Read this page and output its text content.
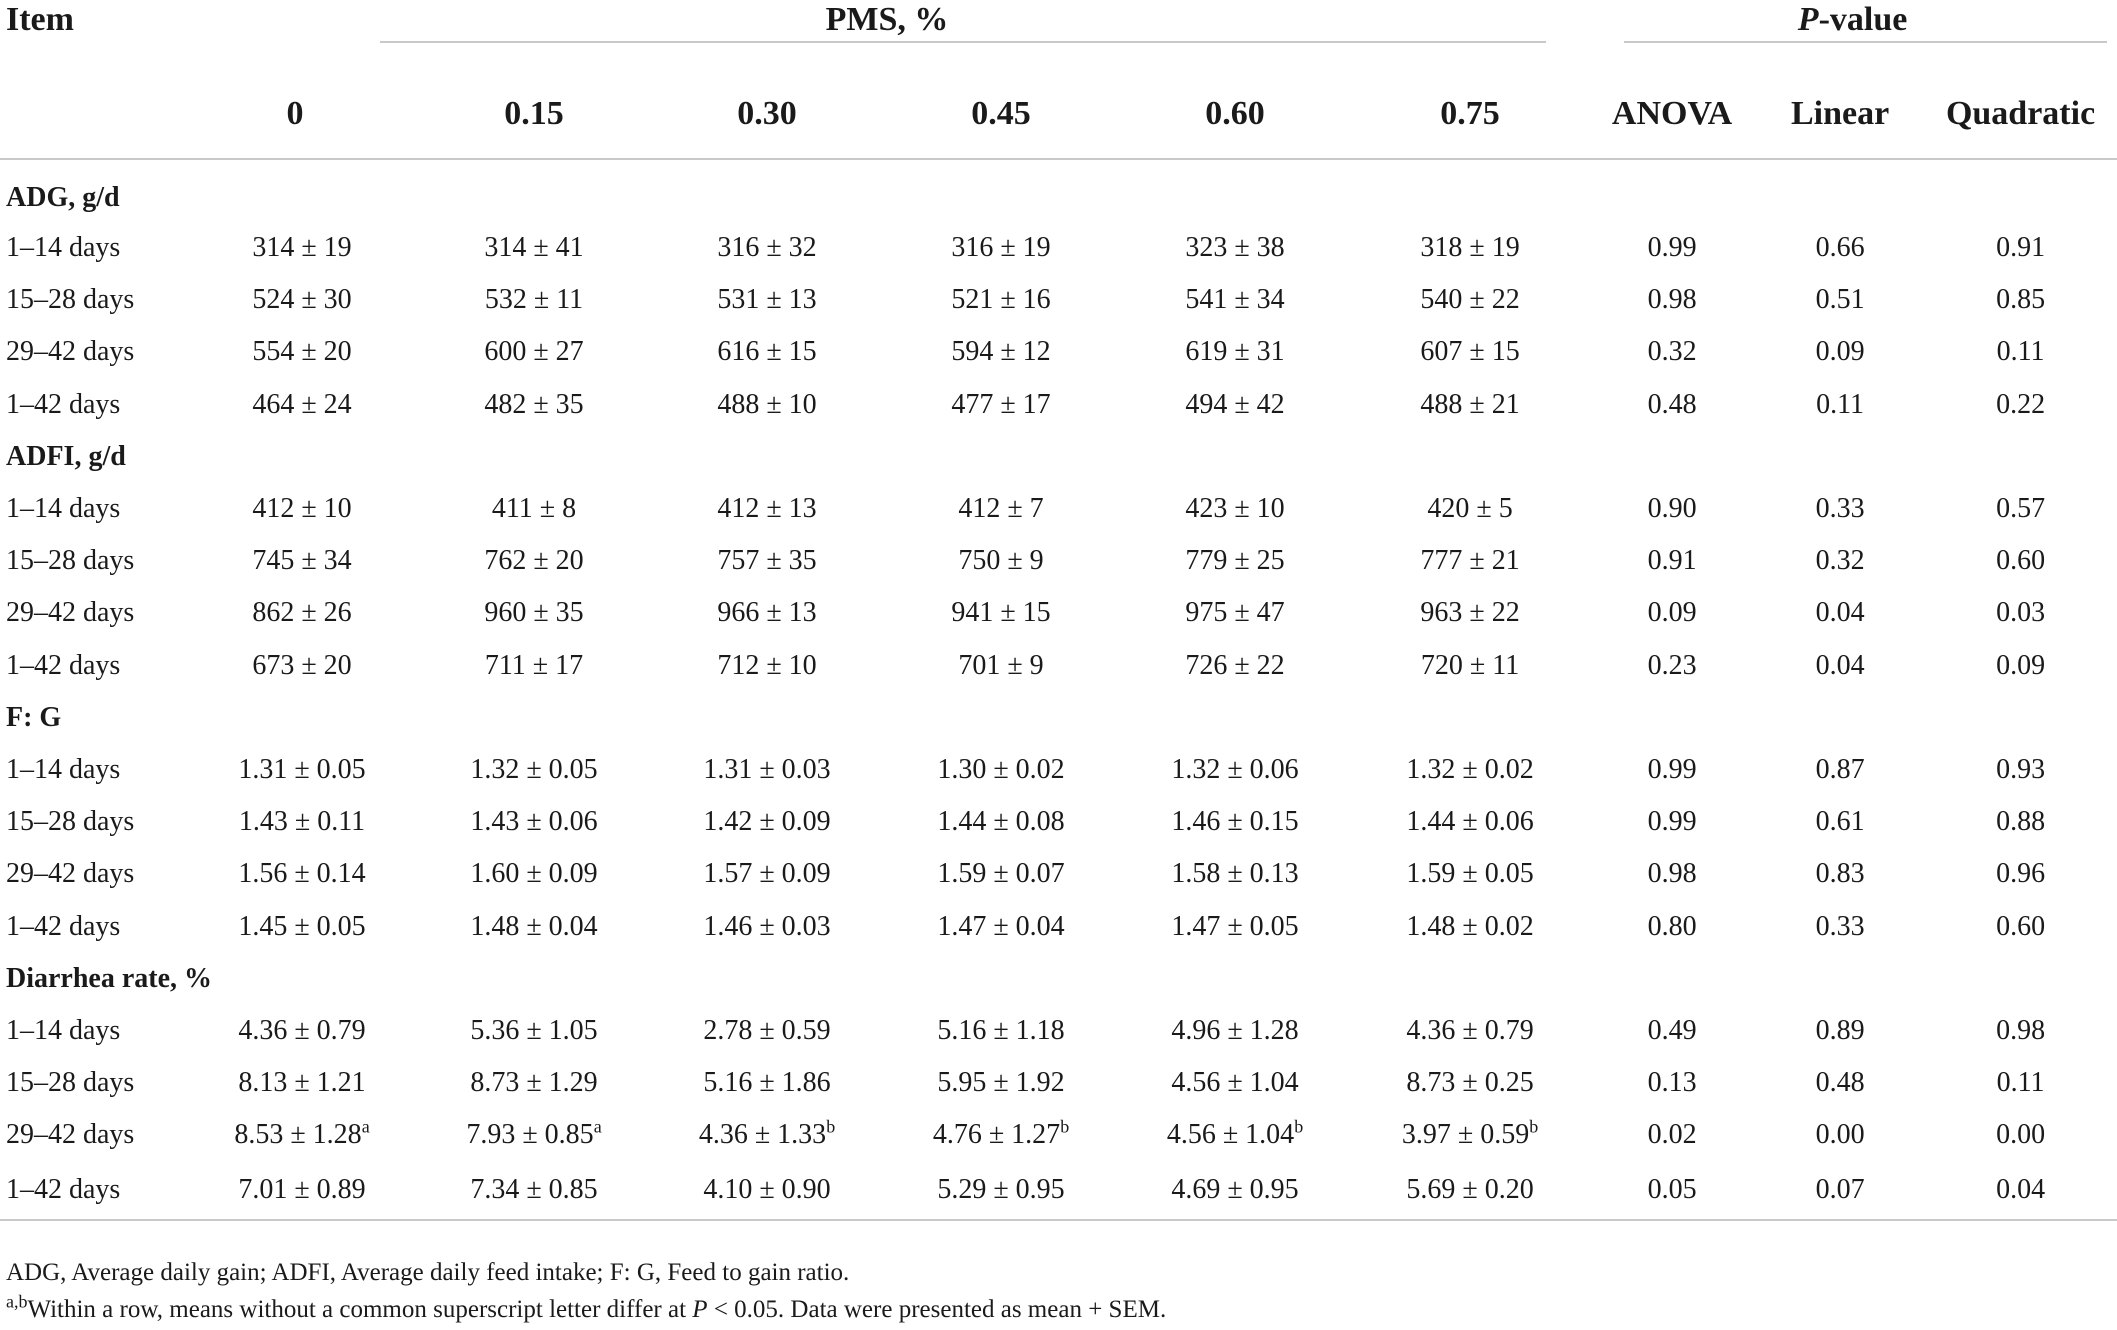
Item	PMS, %						P-value		

	0	0.15	0.30	0.45	0.60	0.75	ANOVA	Linear	Quadratic
ADG, g/d									
1–14 days	314 ± 19	314 ± 41	316 ± 32	316 ± 19	323 ± 38	318 ± 19	0.99	0.66	0.91
15–28 days	524 ± 30	532 ± 11	531 ± 13	521 ± 16	541 ± 34	540 ± 22	0.98	0.51	0.85
29–42 days	554 ± 20	600 ± 27	616 ± 15	594 ± 12	619 ± 31	607 ± 15	0.32	0.09	0.11
1–42 days	464 ± 24	482 ± 35	488 ± 10	477 ± 17	494 ± 42	488 ± 21	0.48	0.11	0.22
ADFI, g/d									
1–14 days	412 ± 10	411 ± 8	412 ± 13	412 ± 7	423 ± 10	420 ± 5	0.90	0.33	0.57
15–28 days	745 ± 34	762 ± 20	757 ± 35	750 ± 9	779 ± 25	777 ± 21	0.91	0.32	0.60
29–42 days	862 ± 26	960 ± 35	966 ± 13	941 ± 15	975 ± 47	963 ± 22	0.09	0.04	0.03
1–42 days	673 ± 20	711 ± 17	712 ± 10	701 ± 9	726 ± 22	720 ± 11	0.23	0.04	0.09
F: G									
1–14 days	1.31 ± 0.05	1.32 ± 0.05	1.31 ± 0.03	1.30 ± 0.02	1.32 ± 0.06	1.32 ± 0.02	0.99	0.87	0.93
15–28 days	1.43 ± 0.11	1.43 ± 0.06	1.42 ± 0.09	1.44 ± 0.08	1.46 ± 0.15	1.44 ± 0.06	0.99	0.61	0.88
29–42 days	1.56 ± 0.14	1.60 ± 0.09	1.57 ± 0.09	1.59 ± 0.07	1.58 ± 0.13	1.59 ± 0.05	0.98	0.83	0.96
1–42 days	1.45 ± 0.05	1.48 ± 0.04	1.46 ± 0.03	1.47 ± 0.04	1.47 ± 0.05	1.48 ± 0.02	0.80	0.33	0.60
Diarrhea rate, %									
1–14 days	4.36 ± 0.79	5.36 ± 1.05	2.78 ± 0.59	5.16 ± 1.18	4.96 ± 1.28	4.36 ± 0.79	0.49	0.89	0.98
15–28 days	8.13 ± 1.21	8.73 ± 1.29	5.16 ± 1.86	5.95 ± 1.92	4.56 ± 1.04	8.73 ± 0.25	0.13	0.48	0.11
29–42 days	8.53 ± 1.28$^a$	7.93 ± 0.85$^a$	4.36 ± 1.33$^b$	4.76 ± 1.27$^b$	4.56 ± 1.04$^b$	3.97 ± 0.59$^b$	0.02	0.00	0.00
1–42 days	7.01 ± 0.89	7.34 ± 0.85	4.10 ± 0.90	5.29 ± 0.95	4.69 ± 0.95	5.69 ± 0.20	0.05	0.07	0.04

ADG, Average daily gain; ADFI, Average daily feed intake; F: G, Feed to gain ratio.

$^{a,b}$Within a row, means without a common superscript letter differ at P < 0.05. Data were presented as mean + SEM.
